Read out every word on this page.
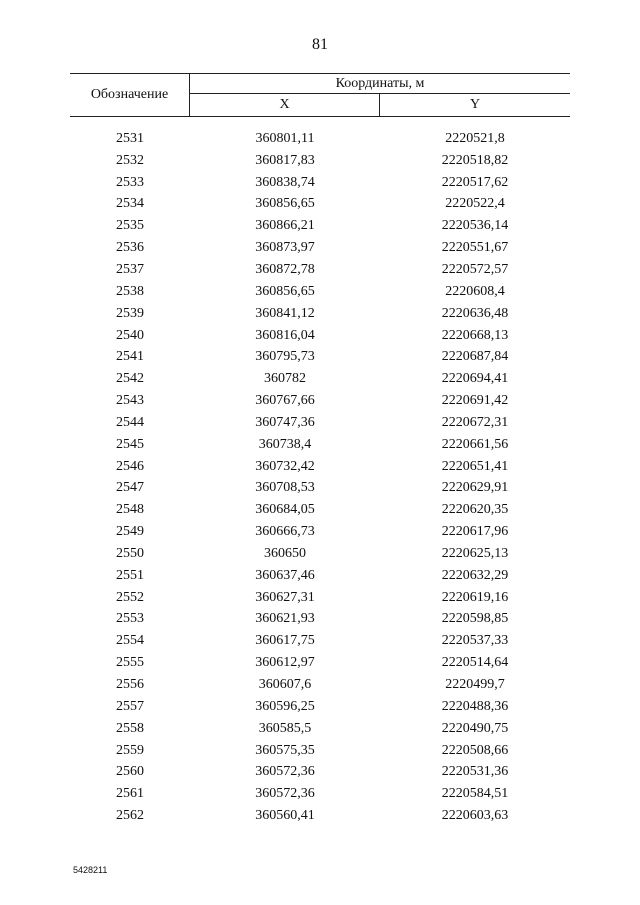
81
Обозначение
Координаты, м
X	Y
2531	360801,11	2220521,8
2532	360817,83	2220518,82
2533	360838,74	2220517,62
2534	360856,65	2220522,4
2535	360866,21	2220536,14
2536	360873,97	2220551,67
2537	360872,78	2220572,57
2538	360856,65	2220608,4
2539	360841,12	2220636,48
2540	360816,04	2220668,13
2541	360795,73	2220687,84
2542	360782	2220694,41
2543	360767,66	2220691,42
2544	360747,36	2220672,31
2545	360738,4	2220661,56
2546	360732,42	2220651,41
2547	360708,53	2220629,91
2548	360684,05	2220620,35
2549	360666,73	2220617,96
2550	360650	2220625,13
2551	360637,46	2220632,29
2552	360627,31	2220619,16
2553	360621,93	2220598,85
2554	360617,75	2220537,33
2555	360612,97	2220514,64
2556	360607,6	2220499,7
2557	360596,25	2220488,36
2558	360585,5	2220490,75
2559	360575,35	2220508,66
2560	360572,36	2220531,36
2561	360572,36	2220584,51
2562	360560,41	2220603,63
5428211
